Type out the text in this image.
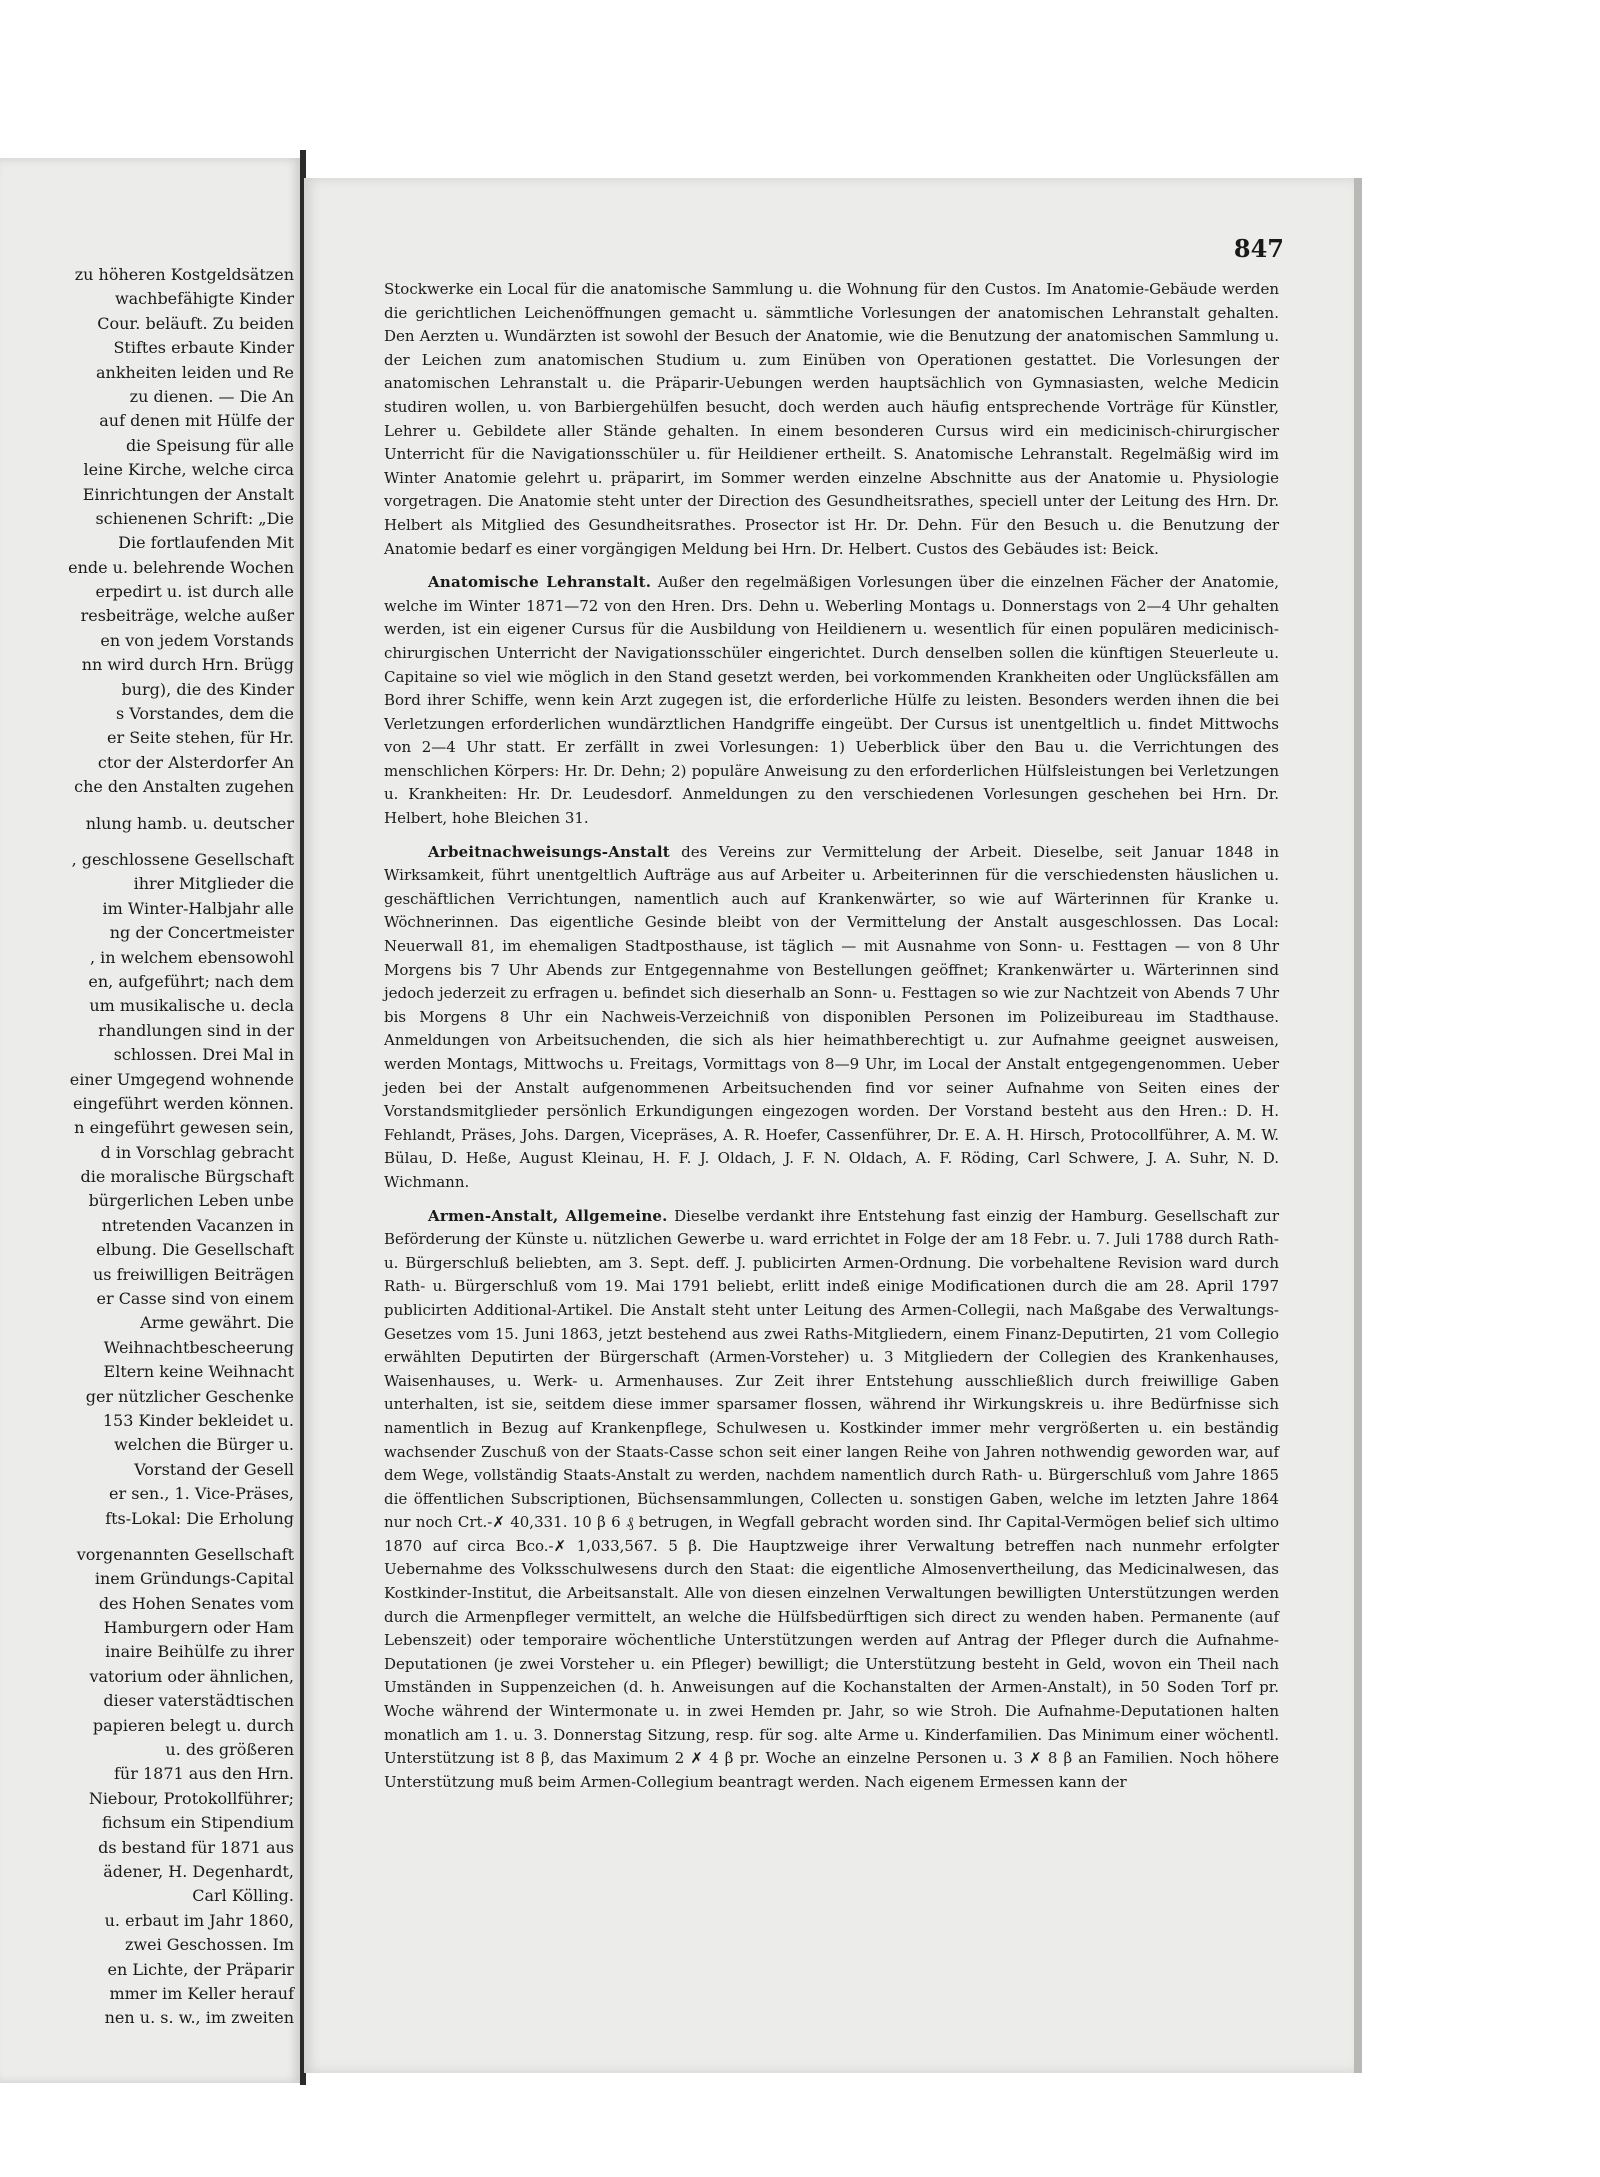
zu höheren Kostgeldsätzen
wachbefähigte Kinder
Cour. beläuft. Zu beiden
Stiftes erbaute Kinder
ankheiten leiden und Re
zu dienen. — Die An
auf denen mit Hülfe der
die Speisung für alle
leine Kirche, welche circa
Einrichtungen der Anstalt
schienenen Schrift: „Die
Die fortlaufenden Mit
ende u. belehrende Wochen
erpedirt u. ist durch alle
resbeiträge, welche außer
en von jedem Vorstands
nn wird durch Hrn. Brügg
burg), die des Kinder
s Vorstandes, dem die
er Seite stehen, für Hr.
ctor der Alsterdorfer An
che den Anstalten zugehen
nlung hamb. u. deutscher
, geschlossene Gesellschaft
ihrer Mitglieder die
im Winter-Halbjahr alle
ng der Concertmeister
, in welchem ebensowohl
en, aufgeführt; nach dem
um musikalische u. decla
rhandlungen sind in der
schlossen. Drei Mal in
einer Umgegend wohnende
eingeführt werden können.
n eingeführt gewesen sein,
d in Vorschlag gebracht
die moralische Bürgschaft
bürgerlichen Leben unbe
ntretenden Vacanzen in
elbung. Die Gesellschaft
us freiwilligen Beiträgen
er Casse sind von einem
Arme gewährt. Die
Weihnachtbescheerung
Eltern keine Weihnacht
ger nützlicher Geschenke
153 Kinder bekleidet u.
welchen die Bürger u.
Vorstand der Gesell
er sen., 1. Vice-Präses,
fts-Lokal: Die Erholung
vorgenannten Gesellschaft
inem Gründungs-Capital
des Hohen Senates vom
Hamburgern oder Ham
inaire Beihülfe zu ihrer
vatorium oder ähnlichen,
dieser vaterstädtischen
papieren belegt u. durch
u. des größeren
für 1871 aus den Hrn.
Niebour, Protokollführer;
fichsum ein Stipendium
ds bestand für 1871 aus
ädener, H. Degenhardt,
Carl Kölling.
u. erbaut im Jahr 1860,
zwei Geschossen. Im
en Lichte, der Präparir
mmer im Keller herauf
nen u. s. w., im zweiten
847

Stockwerke ein Local für die anatomische Sammlung u. die Wohnung für den Custos. Im Anatomie-Gebäude werden die gerichtlichen Leichenöffnungen gemacht u. sämmtliche Vorlesungen der anatomischen Lehranstalt gehalten. Den Aerzten u. Wundärzten ist sowohl der Besuch der Anatomie, wie die Benutzung der anatomischen Sammlung u. der Leichen zum anatomischen Studium u. zum Einüben von Operationen gestattet. Die Vorlesungen der anatomischen Lehranstalt u. die Präparir-Uebungen werden hauptsächlich von Gymnasiasten, welche Medicin studiren wollen, u. von Barbiergehülfen besucht, doch werden auch häufig entsprechende Vorträge für Künstler, Lehrer u. Gebildete aller Stände gehalten. In einem besonderen Cursus wird ein medicinisch-chirurgischer Unterricht für die Navigationsschüler u. für Heildiener ertheilt. S. Anatomische Lehranstalt. Regelmäßig wird im Winter Anatomie gelehrt u. präparirt, im Sommer werden einzelne Abschnitte aus der Anatomie u. Physiologie vorgetragen. Die Anatomie steht unter der Direction des Gesundheitsrathes, speciell unter der Leitung des Hrn. Dr. Helbert als Mitglied des Gesundheitsrathes. Prosector ist Hr. Dr. Dehn. Für den Besuch u. die Benutzung der Anatomie bedarf es einer vorgängigen Meldung bei Hrn. Dr. Helbert. Custos des Gebäudes ist: Beick.

Anatomische Lehranstalt. Außer den regelmäßigen Vorlesungen über die einzelnen Fächer der Anatomie, welche im Winter 1871—72 von den Hren. Drs. Dehn u. Weberling Montags u. Donnerstags von 2—4 Uhr gehalten werden, ist ein eigener Cursus für die Ausbildung von Heildienern u. wesentlich für einen populären medicinisch-chirurgischen Unterricht der Navigationsschüler eingerichtet. Durch denselben sollen die künftigen Steuerleute u. Capitaine so viel wie möglich in den Stand gesetzt werden, bei vorkommenden Krankheiten oder Unglücksfällen am Bord ihrer Schiffe, wenn kein Arzt zugegen ist, die erforderliche Hülfe zu leisten. Besonders werden ihnen die bei Verletzungen erforderlichen wundärztlichen Handgriffe eingeübt. Der Cursus ist unentgeltlich u. findet Mittwochs von 2—4 Uhr statt. Er zerfällt in zwei Vorlesungen: 1) Ueberblick über den Bau u. die Verrichtungen des menschlichen Körpers: Hr. Dr. Dehn; 2) populäre Anweisung zu den erforderlichen Hülfsleistungen bei Verletzungen u. Krankheiten: Hr. Dr. Leudesdorf. Anmeldungen zu den verschiedenen Vorlesungen geschehen bei Hrn. Dr. Helbert, hohe Bleichen 31.

Arbeitnachweisungs-Anstalt des Vereins zur Vermittelung der Arbeit. Dieselbe, seit Januar 1848 in Wirksamkeit, führt unentgeltlich Aufträge aus auf Arbeiter u. Arbeiterinnen für die verschiedensten häuslichen u. geschäftlichen Verrichtungen, namentlich auch auf Krankenwärter, so wie auf Wärterinnen für Kranke u. Wöchnerinnen. Das eigentliche Gesinde bleibt von der Vermittelung der Anstalt ausgeschlossen. Das Local: Neuerwall 81, im ehemaligen Stadtposthause, ist täglich — mit Ausnahme von Sonn- u. Festtagen — von 8 Uhr Morgens bis 7 Uhr Abends zur Entgegennahme von Bestellungen geöffnet; Krankenwärter u. Wärterinnen sind jedoch jederzeit zu erfragen u. befindet sich dieserhalb an Sonn- u. Festtagen so wie zur Nachtzeit von Abends 7 Uhr bis Morgens 8 Uhr ein Nachweis-Verzeichniß von disponiblen Personen im Polizeibureau im Stadthause. Anmeldungen von Arbeitsuchenden, die sich als hier heimathberechtigt u. zur Aufnahme geeignet ausweisen, werden Montags, Mittwochs u. Freitags, Vormittags von 8—9 Uhr, im Local der Anstalt entgegengenommen. Ueber jeden bei der Anstalt aufgenommenen Arbeitsuchenden find vor seiner Aufnahme von Seiten eines der Vorstandsmitglieder persönlich Erkundigungen eingezogen worden. Der Vorstand besteht aus den Hren.: D. H. Fehlandt, Präses, Johs. Dargen, Vicepräses, A. R. Hoefer, Cassenführer, Dr. E. A. H. Hirsch, Protocollführer, A. M. W. Bülau, D. Heße, August Kleinau, H. F. J. Oldach, J. F. N. Oldach, A. F. Röding, Carl Schwere, J. A. Suhr, N. D. Wichmann.

Armen-Anstalt, Allgemeine. Dieselbe verdankt ihre Entstehung fast einzig der Hamburg. Gesellschaft zur Beförderung der Künste u. nützlichen Gewerbe u. ward errichtet in Folge der am 18 Febr. u. 7. Juli 1788 durch Rath- u. Bürgerschluß beliebten, am 3. Sept. deff. J. publicirten Armen-Ordnung. Die vorbehaltene Revision ward durch Rath- u. Bürgerschluß vom 19. Mai 1791 beliebt, erlitt indeß einige Modificationen durch die am 28. April 1797 publicirten Additional-Artikel. Die Anstalt steht unter Leitung des Armen-Collegii, nach Maßgabe des Verwaltungs-Gesetzes vom 15. Juni 1863, jetzt bestehend aus zwei Raths-Mitgliedern, einem Finanz-Deputirten, 21 vom Collegio erwählten Deputirten der Bürgerschaft (Armen-Vorsteher) u. 3 Mitgliedern der Collegien des Krankenhauses, Waisenhauses, u. Werk- u. Armenhauses. Zur Zeit ihrer Entstehung ausschließlich durch freiwillige Gaben unterhalten, ist sie, seitdem diese immer sparsamer flossen, während ihr Wirkungskreis u. ihre Bedürfnisse sich namentlich in Bezug auf Krankenpflege, Schulwesen u. Kostkinder immer mehr vergrößerten u. ein beständig wachsender Zuschuß von der Staats-Casse schon seit einer langen Reihe von Jahren nothwendig geworden war, auf dem Wege, vollständig Staats-Anstalt zu werden, nachdem namentlich durch Rath- u. Bürgerschluß vom Jahre 1865 die öffentlichen Subscriptionen, Büchsensammlungen, Collecten u. sonstigen Gaben, welche im letzten Jahre 1864 nur noch Crt.-✗ 40,331. 10 β 6 ₰ betrugen, in Wegfall gebracht worden sind. Ihr Capital-Vermögen belief sich ultimo 1870 auf circa Bco.-✗ 1,033,567. 5 β. Die Hauptzweige ihrer Verwaltung betreffen nach nunmehr erfolgter Uebernahme des Volksschulwesens durch den Staat: die eigentliche Almosenvertheilung, das Medicinalwesen, das Kostkinder-Institut, die Arbeitsanstalt. Alle von diesen einzelnen Verwaltungen bewilligten Unterstützungen werden durch die Armenpfleger vermittelt, an welche die Hülfsbedürftigen sich direct zu wenden haben. Permanente (auf Lebenszeit) oder temporaire wöchentliche Unterstützungen werden auf Antrag der Pfleger durch die Aufnahme-Deputationen (je zwei Vorsteher u. ein Pfleger) bewilligt; die Unterstützung besteht in Geld, wovon ein Theil nach Umständen in Suppenzeichen (d. h. Anweisungen auf die Kochanstalten der Armen-Anstalt), in 50 Soden Torf pr. Woche während der Wintermonate u. in zwei Hemden pr. Jahr, so wie Stroh. Die Aufnahme-Deputationen halten monatlich am 1. u. 3. Donnerstag Sitzung, resp. für sog. alte Arme u. Kinderfamilien. Das Minimum einer wöchentl. Unterstützung ist 8 β, das Maximum 2 ✗ 4 β pr. Woche an einzelne Personen u. 3 ✗ 8 β an Familien. Noch höhere Unterstützung muß beim Armen-Collegium beantragt werden. Nach eigenem Ermessen kann der
